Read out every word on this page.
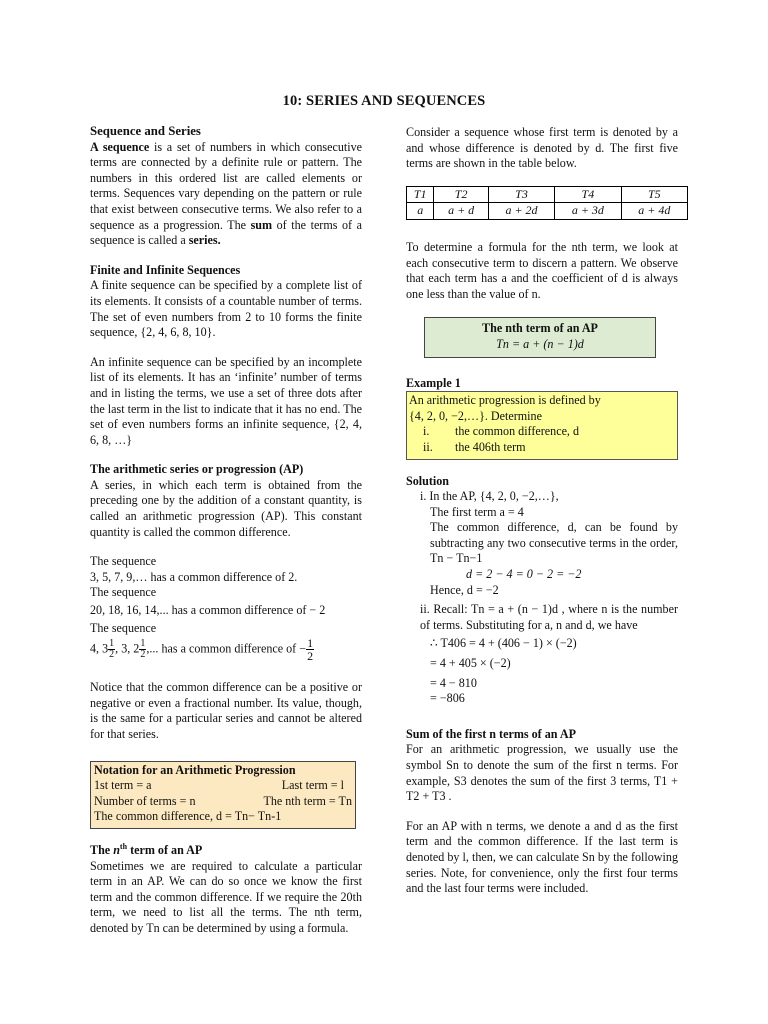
10: SERIES AND SEQUENCES
Sequence and Series

A sequence is a set of numbers in which consecutive terms are connected by a definite rule or pattern. The numbers in this ordered list are called elements or terms. Sequences vary depending on the pattern or rule that exist between consecutive terms. We also refer to a sequence as a progression. The sum of the terms of a sequence is called a series.

Finite and Infinite Sequences

A finite sequence can be specified by a complete list of its elements. It consists of a countable number of terms. The set of even numbers from 2 to 10 forms the finite sequence, {2, 4, 6, 8, 10}.

An infinite sequence can be specified by an incomplete list of its elements. It has an ‘infinite’ number of terms and in listing the terms, we use a set of three dots after the last term in the list to indicate that it has no end. The set of even numbers forms an infinite sequence, {2, 4, 6, 8, …}

The arithmetic series or progression (AP)

A series, in which each term is obtained from the preceding one by the addition of a constant quantity, is called an arithmetic progression (AP). This constant quantity is called the common difference.

The sequence
3, 5, 7, 9,… has a common difference of 2.
The sequence
20, 18, 16, 14,... has a common difference of − 2
The sequence
4, $3 \frac{1}{2}$ , 3, $2 \frac{1}{2}$ ,... has a common difference of − $\frac{1}{2}$

Notice that the common difference can be a positive or negative or even a fractional number. Its value, though, is the same for a particular series and cannot be altered for that series.

Notation for an Arithmetic Progression
1st term = a	Last term = l
Number of terms = n	The nth term = Tn
The common difference, d = Tn− Tn-1
The $n^{th}$ term of an AP

Sometimes we are required to calculate a particular term in an AP. We can do so once we know the first term and the common difference. If we require the 20th term, we need to list all the terms. The nth term, denoted by Tn can be determined by using a formula.

Consider a sequence whose first term is denoted by a and whose difference is denoted by d. The first five terms are shown in the table below.

T1	T2	T3	T4	T5
a	a + d	a + 2d	a + 3d	a + 4d

To determine a formula for the nth term, we look at each consecutive term to discern a pattern. We observe that each term has a and the coefficient of d is always one less than the value of n.

The nth term of an AP
Tn = a + (n − 1)d
Example 1
An arithmetic progression is defined by
{4, 2, 0, −2,…}. Determine
i.	the common difference, d
ii.	the 406th term
Solution
i. In the AP, {4, 2, 0, −2,…},
The first term a = 4

The common difference, d, can be found by subtracting any two consecutive terms in the order, Tn − Tn−1

d = 2 − 4 = 0 − 2 = −2
Hence, d = −2

ii. Recall: Tn = a + (n − 1)d , where n is the number of terms. Substituting for a, n and d, we have

∴ T406 = 4 + (406 − 1) × (−2)
= 4 + 405 × (−2)
= 4 − 810
= −806
Sum of the first n terms of an AP

For an arithmetic progression, we usually use the symbol Sn to denote the sum of the first n terms. For example, S3 denotes the sum of the first 3 terms, T1 + T2 + T3 .

For an AP with n terms, we denote a and d as the first term and the common difference. If the last term is denoted by l, then, we can calculate Sn by the following series. Note, for convenience, only the first four terms and the last four terms were included.
